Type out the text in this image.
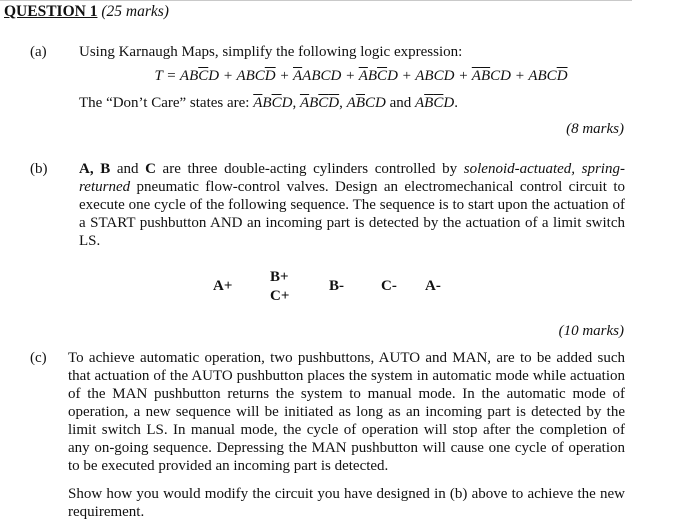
QUESTION 1 (25 marks)
(a) Using Karnaugh Maps, simplify the following logic expression:
$T = AB\overline{C}D + ABC\overline{D}$ + $\overline{A}ABCD + \overline{A}B\overline{C}D$ + ABCD + $\overline{A}\overline{B}CD + ABC\overline{D}$
The “Don’t Care” states are: $\overline{A}B\overline{C}D$, $\overline{A}B\overline{C}\overline{D}$, $A\overline{B}CD$ and $A\overline{B}\overline{C}D$.
(8 marks)
(b) A, B and C are three double-acting cylinders controlled by solenoid-actuated, spring-returned pneumatic flow-control valves. Design an electromechanical control circuit to execute one cycle of the following sequence. The sequence is to start upon the actuation of a START pushbutton AND an incoming part is detected by the actuation of a limit switch LS.
A+
B+
C+
B- C- A-
(10 marks)
(c) To achieve automatic operation, two pushbuttons, AUTO and MAN, are to be added such that actuation of the AUTO pushbutton places the system in automatic mode while actuation of the MAN pushbutton returns the system to manual mode. In the automatic mode of operation, a new sequence will be initiated as long as an incoming part is detected by the limit switch LS. In manual mode, the cycle of operation will stop after the completion of any on-going sequence. Depressing the MAN pushbutton will cause one cycle of operation to be executed provided an incoming part is detected.
Show how you would modify the circuit you have designed in (b) above to achieve the new requirement.
